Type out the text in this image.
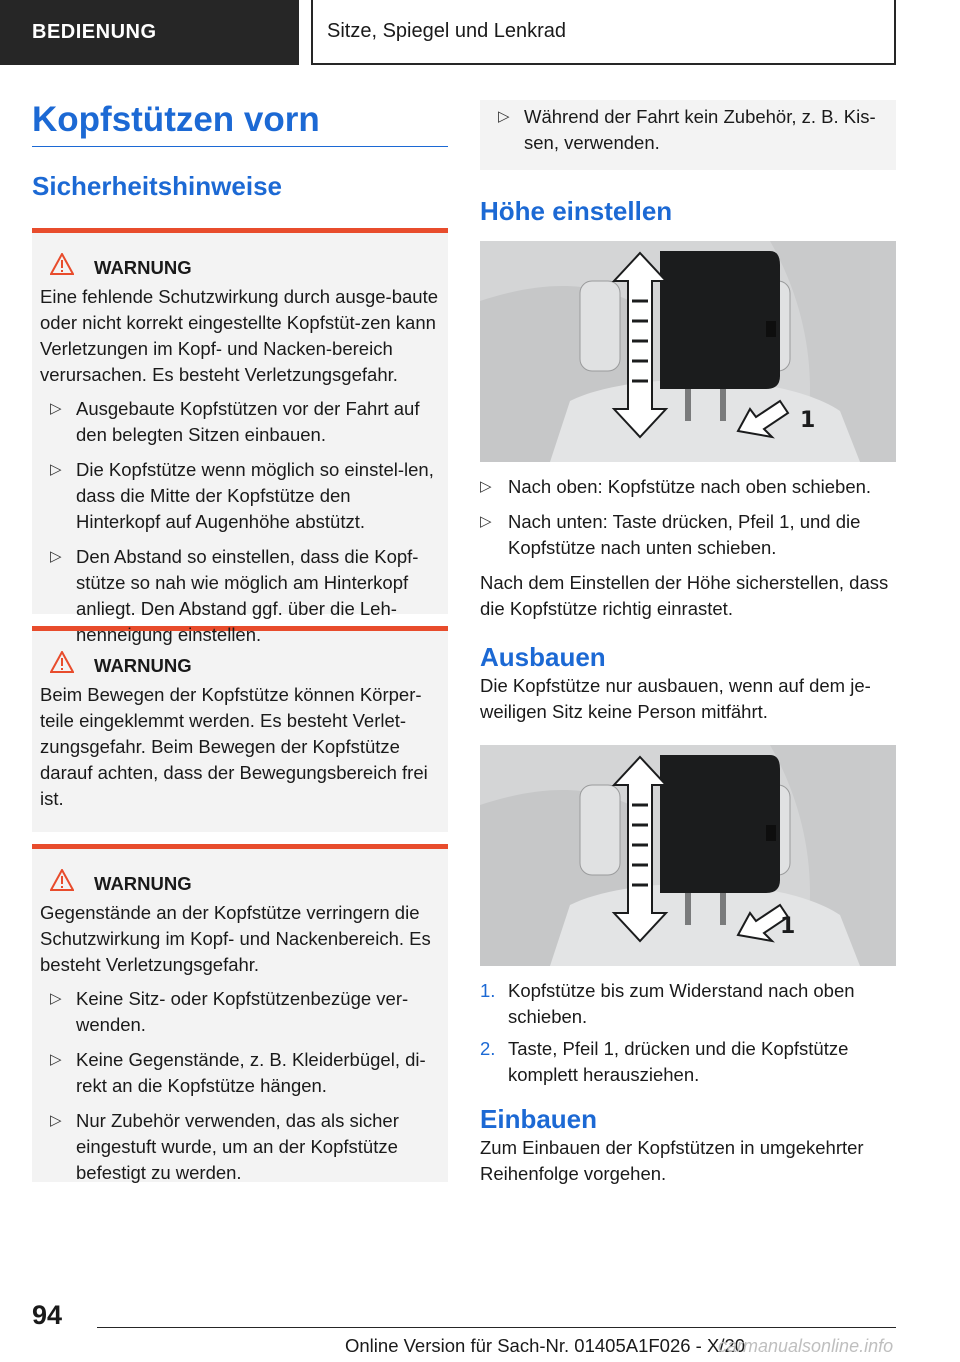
BEDIENUNG	Sitze, Spiegel und Lenkrad
Kopfstützen vorn
Sicherheitshinweise
WARNUNG

Eine fehlende Schutzwirkung durch ausge-baute oder nicht korrekt eingestellte Kopfstüt-zen kann Verletzungen im Kopf- und Nacken-bereich verursachen. Es besteht Verletzungsgefahr.

▷ Ausgebaute Kopfstützen vor der Fahrt auf den belegten Sitzen einbauen.
▷ Die Kopfstütze wenn möglich so einstel-len, dass die Mitte der Kopfstütze den Hinterkopf auf Augenhöhe abstützt.
▷ Den Abstand so einstellen, dass die Kopf-stütze so nah wie möglich am Hinterkopf anliegt. Den Abstand ggf. über die Leh-nenneigung einstellen.
WARNUNG

Beim Bewegen der Kopfstütze können Körper-teile eingeklemmt werden. Es besteht Verlet-zungsgefahr. Beim Bewegen der Kopfstütze darauf achten, dass der Bewegungsbereich frei ist.

WARNUNG

Gegenstände an der Kopfstütze verringern die Schutzwirkung im Kopf- und Nackenbereich. Es besteht Verletzungsgefahr.

▷ Keine Sitz- oder Kopfstützenbezüge ver-wenden.
▷ Keine Gegenstände, z. B. Kleiderbügel, di-rekt an die Kopfstütze hängen.
▷ Nur Zubehör verwenden, das als sicher eingestuft wurde, um an der Kopfstütze befestigt zu werden.
▷ Während der Fahrt kein Zubehör, z. B. Kis-sen, verwenden.
Höhe einstellen
1
▷ Nach oben: Kopfstütze nach oben schieben.
▷ Nach unten: Taste drücken, Pfeil 1, und die Kopfstütze nach unten schieben.

Nach dem Einstellen der Höhe sicherstellen, dass die Kopfstütze richtig einrastet.

Ausbauen

Die Kopfstütze nur ausbauen, wenn auf dem je-weiligen Sitz keine Person mitfährt.

1
1. Kopfstütze bis zum Widerstand nach oben schieben.
2. Taste, Pfeil 1, drücken und die Kopfstütze komplett herausziehen.
Einbauen

Zum Einbauen der Kopfstützen in umgekehrter Reihenfolge vorgehen.

94
Online Version für Sach-Nr. 01405A1F026 - X/20
carmanualsonline.info
